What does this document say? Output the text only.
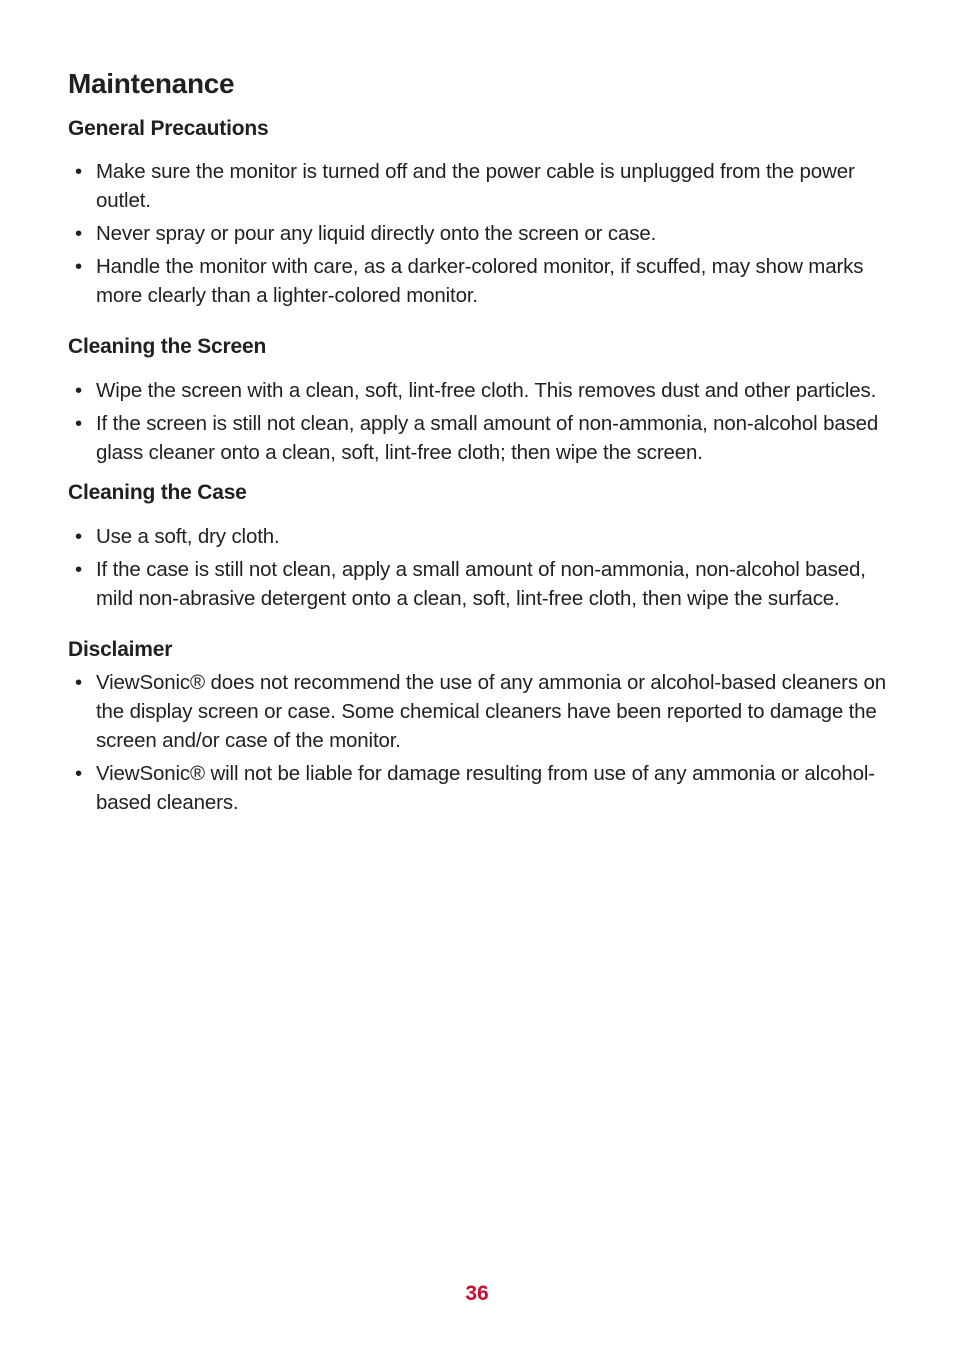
Maintenance
General Precautions
• Make sure the monitor is turned off and the power cable is unplugged from the power outlet.
• Never spray or pour any liquid directly onto the screen or case.
• Handle the monitor with care, as a darker-colored monitor, if scuffed, may show marks more clearly than a lighter-colored monitor.
Cleaning the Screen
• Wipe the screen with a clean, soft, lint-free cloth. This removes dust and other particles.
• If the screen is still not clean, apply a small amount of non-ammonia, non-alcohol based glass cleaner onto a clean, soft, lint-free cloth; then wipe the screen.
Cleaning the Case
• Use a soft, dry cloth.
• If the case is still not clean, apply a small amount of non-ammonia, non-alcohol based, mild non-abrasive detergent onto a clean, soft, lint-free cloth, then wipe the surface.
Disclaimer
• ViewSonic® does not recommend the use of any ammonia or alcohol-based cleaners on the display screen or case. Some chemical cleaners have been reported to damage the screen and/or case of the monitor.
• ViewSonic® will not be liable for damage resulting from use of any ammonia or alcohol-based cleaners.
36
